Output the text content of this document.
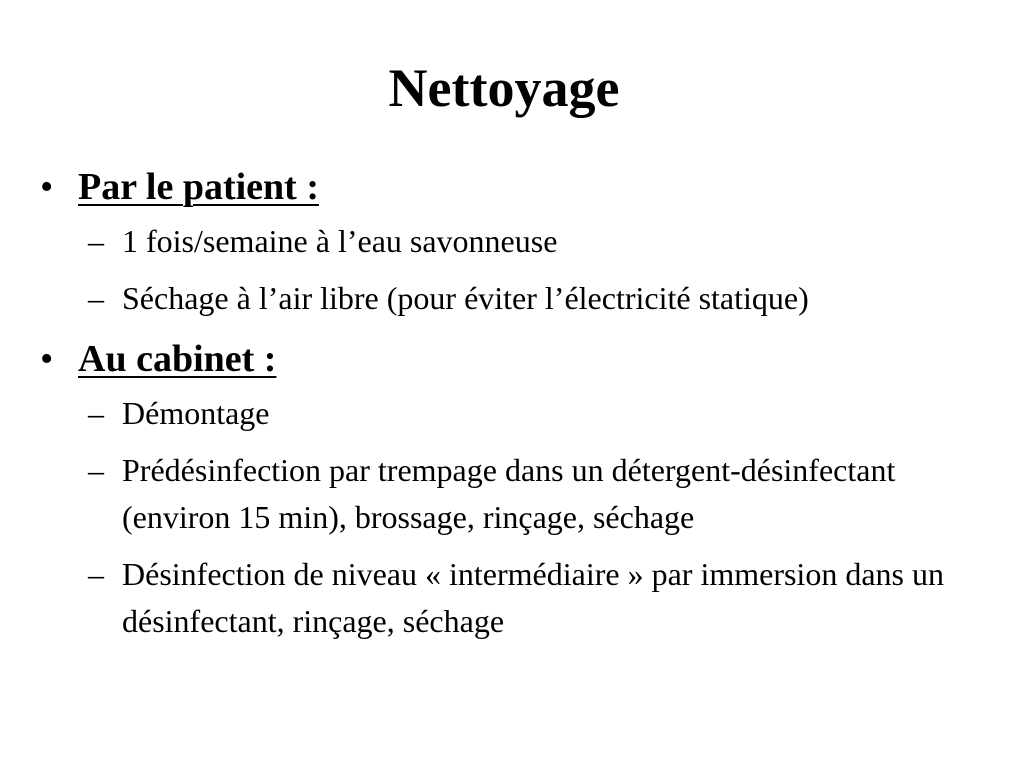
Nettoyage
• Par le patient :
– 1 fois/semaine à l’eau savonneuse
– Séchage à l’air libre (pour éviter l’électricité statique)
• Au cabinet :
– Démontage
– Prédésinfection par trempage dans un détergent-désinfectant (environ 15 min), brossage, rinçage, séchage
– Désinfection de niveau « intermédiaire » par immersion dans un désinfectant, rinçage, séchage
